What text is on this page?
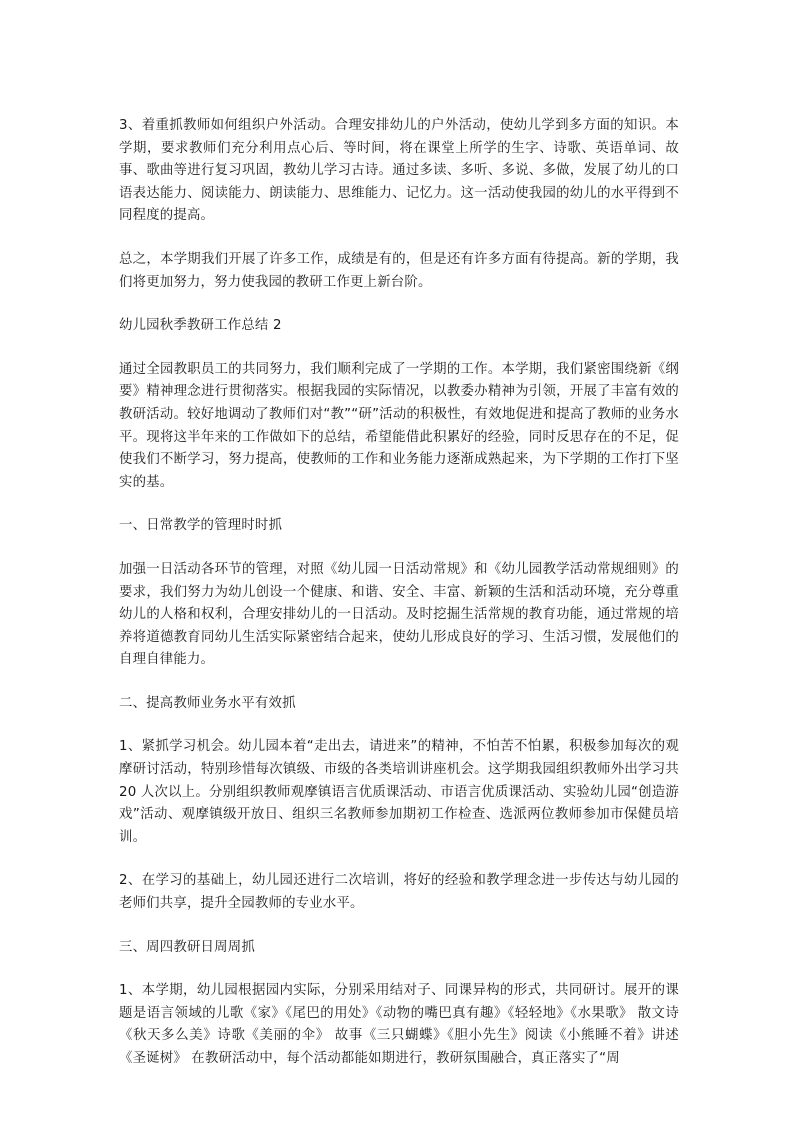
3、着重抓教师如何组织户外活动。合理安排幼儿的户外活动，使幼儿学到多方面的知识。本学期，要求教师们充分利用点心后、等时间，将在课堂上所学的生字、诗歌、英语单词、故事、歌曲等进行复习巩固，教幼儿学习古诗。通过多读、多听、多说、多做，发展了幼儿的口语表达能力、阅读能力、朗读能力、思维能力、记忆力。这一活动使我园的幼儿的水平得到不同程度的提高。

总之，本学期我们开展了许多工作，成绩是有的，但是还有许多方面有待提高。新的学期，我们将更加努力，努力使我园的教研工作更上新台阶。

幼儿园秋季教研工作总结 2

通过全园教职员工的共同努力，我们顺利完成了一学期的工作。本学期，我们紧密围绕新《纲要》精神理念进行贯彻落实。根据我园的实际情况，以教委办精神为引领，开展了丰富有效的教研活动。较好地调动了教师们对“教”“研”活动的积极性，有效地促进和提高了教师的业务水平。现将这半年来的工作做如下的总结，希望能借此积累好的经验，同时反思存在的不足，促使我们不断学习，努力提高，使教师的工作和业务能力逐渐成熟起来，为下学期的工作打下坚实的基。

一、日常教学的管理时时抓

加强一日活动各环节的管理，对照《幼儿园一日活动常规》和《幼儿园教学活动常规细则》的要求，我们努力为幼儿创设一个健康、和谐、安全、丰富、新颖的生活和活动环境，充分尊重幼儿的人格和权利，合理安排幼儿的一日活动。及时挖掘生活常规的教育功能，通过常规的培养将道德教育同幼儿生活实际紧密结合起来，使幼儿形成良好的学习、生活习惯，发展他们的自理自律能力。

二、提高教师业务水平有效抓

1、紧抓学习机会。幼儿园本着“走出去，请进来”的精神，不怕苦不怕累，积极参加每次的观摩研讨活动，特别珍惜每次镇级、市级的各类培训讲座机会。这学期我园组织教师外出学习共 20 人次以上。分别组织教师观摩镇语言优质课活动、市语言优质课活动、实验幼儿园“创造游戏”活动、观摩镇级开放日、组织三名教师参加期初工作检查、选派两位教师参加市保健员培训。

2、在学习的基础上，幼儿园还进行二次培训，将好的经验和教学理念进一步传达与幼儿园的老师们共享，提升全园教师的专业水平。

三、周四教研日周周抓

1、本学期，幼儿园根据园内实际，分别采用结对子、同课异构的形式，共同研讨。展开的课题是语言领域的儿歌《家》《尾巴的用处》《动物的嘴巴真有趣》《轻轻地》《水果歌》 散文诗《秋天多么美》诗歌《美丽的伞》 故事《三只蝴蝶》《胆小先生》阅读《小熊睡不着》讲述《圣诞树》 在教研活动中，每个活动都能如期进行，教研氛围融合，真正落实了“周
